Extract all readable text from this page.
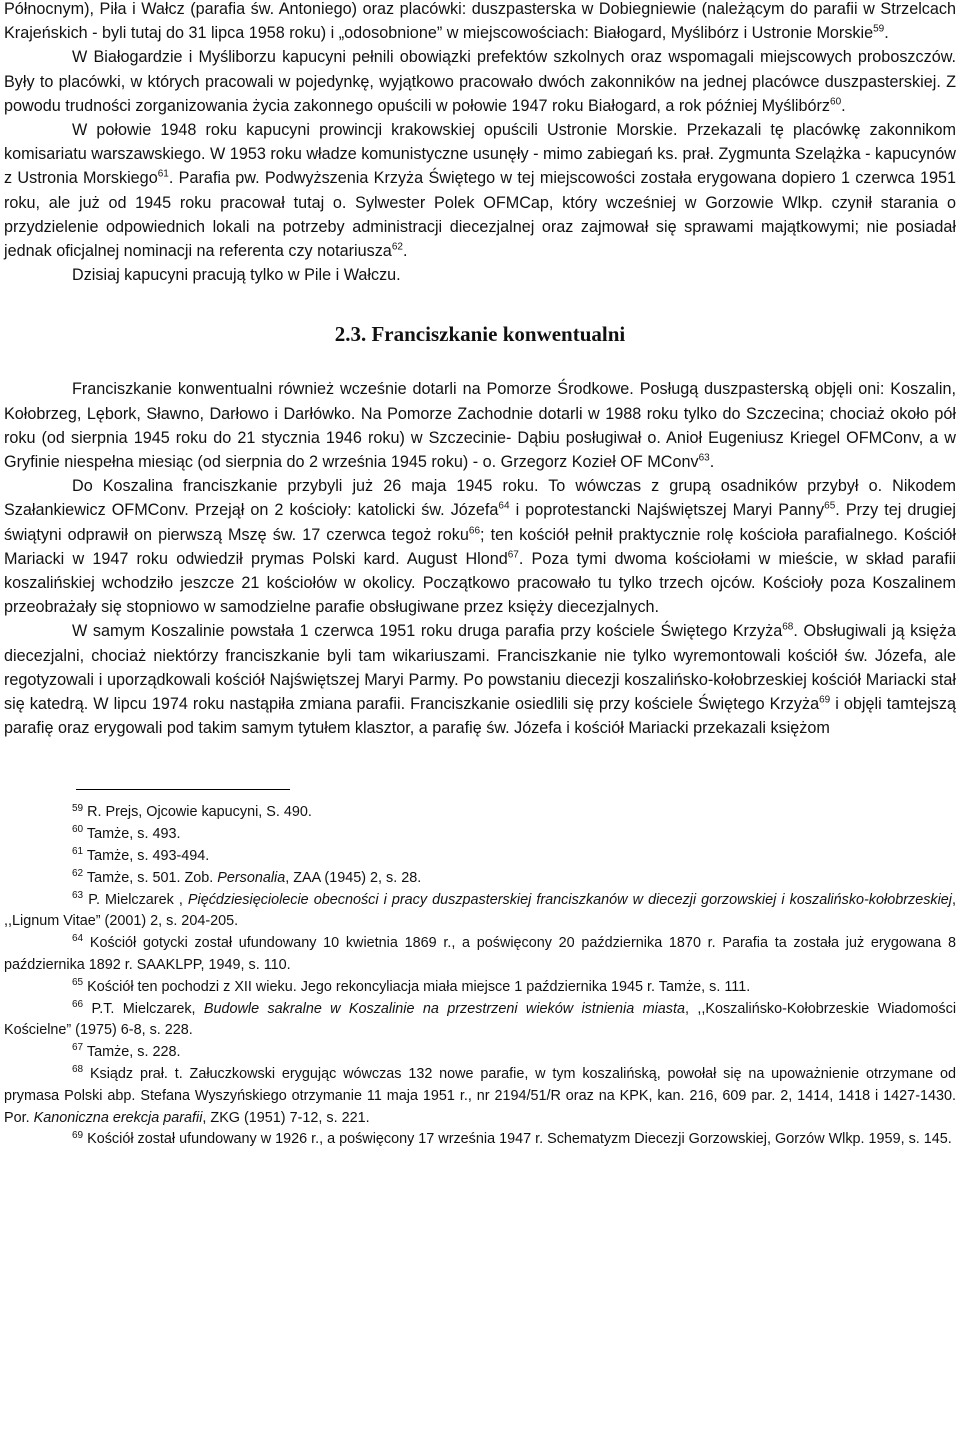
Północnym), Piła i Wałcz (parafia św. Antoniego) oraz placówki: duszpasterska w Dobiegniewie (należącym do parafii w Strzelcach Krajeńskich - byli tutaj do 31 lipca 1958 roku) i „odosobnione” w miejscowościach: Białogard, Myślibórz i Ustronie Morskie$^{59}$.

W Białogardzie i Myśliborzu kapucyni pełnili obowiązki prefektów szkolnych oraz wspomagali miejscowych proboszczów. Były to placówki, w których pracowali w pojedynkę, wyjątkowo pracowało dwóch zakonników na jednej placówce duszpasterskiej. Z powodu trudności zorganizowania życia zakonnego opuścili w połowie 1947 roku Białogard, a rok później Myślibórz$^{60}$.

W połowie 1948 roku kapucyni prowincji krakowskiej opuścili Ustronie Morskie. Przekazali tę placówkę zakonnikom komisariatu warszawskiego. W 1953 roku władze komunistyczne usunęły - mimo zabiegań ks. prał. Zygmunta Szelążka - kapucynów z Ustronia Morskiego$^{61}$. Parafia pw. Podwyższenia Krzyża Świętego w tej miejscowości została erygowana dopiero 1 czerwca 1951 roku, ale już od 1945 roku pracował tutaj o. Sylwester Polek OFMCap, który wcześniej w Gorzowie Wlkp. czynił starania o przydzielenie odpowiednich lokali na potrzeby administracji diecezjalnej oraz zajmował się sprawami majątkowymi; nie posiadał jednak oficjalnej nominacji na referenta czy notariusza$^{62}$.

Dzisiaj kapucyni pracują tylko w Pile i Wałczu.

2.3. Franciszkanie konwentualni

Franciszkanie konwentualni również wcześnie dotarli na Pomorze Środkowe. Posługą duszpasterską objęli oni: Koszalin, Kołobrzeg, Lębork, Sławno, Darłowo i Darłówko. Na Pomorze Zachodnie dotarli w 1988 roku tylko do Szczecina; chociaż około pół roku (od sierpnia 1945 roku do 21 stycznia 1946 roku) w Szczecinie- Dąbiu posługiwał o. Anioł Eugeniusz Kriegel OFMConv, a w Gryfinie niespełna miesiąc (od sierpnia do 2 września 1945 roku) - o. Grzegorz Kozieł OF MConv$^{63}$.

Do Koszalina franciszkanie przybyli już 26 maja 1945 roku. To wówczas z grupą osadników przybył o. Nikodem Szałankiewicz OFMConv. Przejął on 2 kościoły: katolicki św. Józefa$^{64}$ i poprotestancki Najświętszej Maryi Panny$^{65}$. Przy tej drugiej świątyni odprawił on pierwszą Mszę św. 17 czerwca tegoż roku$^{66}$; ten kościół pełnił praktycznie rolę kościoła parafialnego. Kościół Mariacki w 1947 roku odwiedził prymas Polski kard. August Hlond$^{67}$. Poza tymi dwoma kościołami w mieście, w skład parafii koszalińskiej wchodziło jeszcze 21 kościołów w okolicy. Początkowo pracowało tu tylko trzech ojców. Kościoły poza Koszalinem przeobrażały się stopniowo w samodzielne parafie obsługiwane przez księży diecezjalnych.

W samym Koszalinie powstała 1 czerwca 1951 roku druga parafia przy kościele Świętego Krzyża$^{68}$. Obsługiwali ją księża diecezjalni, chociaż niektórzy franciszkanie byli tam wikariuszami. Franciszkanie nie tylko wyremontowali kościół św. Józefa, ale regotyzowali i uporządkowali kościół Najświętszej Maryi Parmy. Po powstaniu diecezji koszalińsko-kołobrzeskiej kościół Mariacki stał się katedrą. W lipcu 1974 roku nastąpiła zmiana parafii. Franciszkanie osiedlili się przy kościele Świętego Krzyża$^{69}$ i objęli tamtejszą parafię oraz erygowali pod takim samym tytułem klasztor, a parafię św. Józefa i kościół Mariacki przekazali księżom

$^{59}$ R. Prejs, Ojcowie kapucyni, S. 490.

$^{60}$ Tamże, s. 493.

$^{61}$ Tamże, s. 493-494.

$^{62}$ Tamże, s. 501. Zob. Personalia, ZAA (1945) 2, s. 28.

$^{63}$ P. Mielczarek , Pięćdziesięciolecie obecności i pracy duszpasterskiej franciszkanów w diecezji gorzowskiej i koszalińsko-kołobrzeskiej, ,,Lignum Vitae” (2001) 2, s. 204-205.

$^{64}$ Kościół gotycki został ufundowany 10 kwietnia 1869 r., a poświęcony 20 października 1870 r. Parafia ta została już erygowana 8 października 1892 r. SAAKLPP, 1949, s. 110.

$^{65}$ Kościół ten pochodzi z XII wieku. Jego rekoncyliacja miała miejsce 1 października 1945 r. Tamże, s. 111.

$^{66}$ P.T. Mielczarek, Budowle sakralne w Koszalinie na przestrzeni wieków istnienia miasta, ,,Koszalińsko-Kołobrzeskie Wiadomości Kościelne” (1975) 6-8, s. 228.

$^{67}$ Tamże, s. 228.

$^{68}$ Ksiądz prał. t. Załuczkowski erygując wówczas 132 nowe parafie, w tym koszalińską, powołał się na upoważnienie otrzymane od prymasa Polski abp. Stefana Wyszyńskiego otrzymanie 11 maja 1951 r., nr 2194/51/R oraz na KPK, kan. 216, 609 par. 2, 1414, 1418 i 1427-1430. Por. Kanoniczna erekcja parafii, ZKG (1951) 7-12, s. 221.

$^{69}$ Kościół został ufundowany w 1926 r., a poświęcony 17 września 1947 r. Schematyzm Diecezji Gorzowskiej, Gorzów Wlkp. 1959, s. 145.
